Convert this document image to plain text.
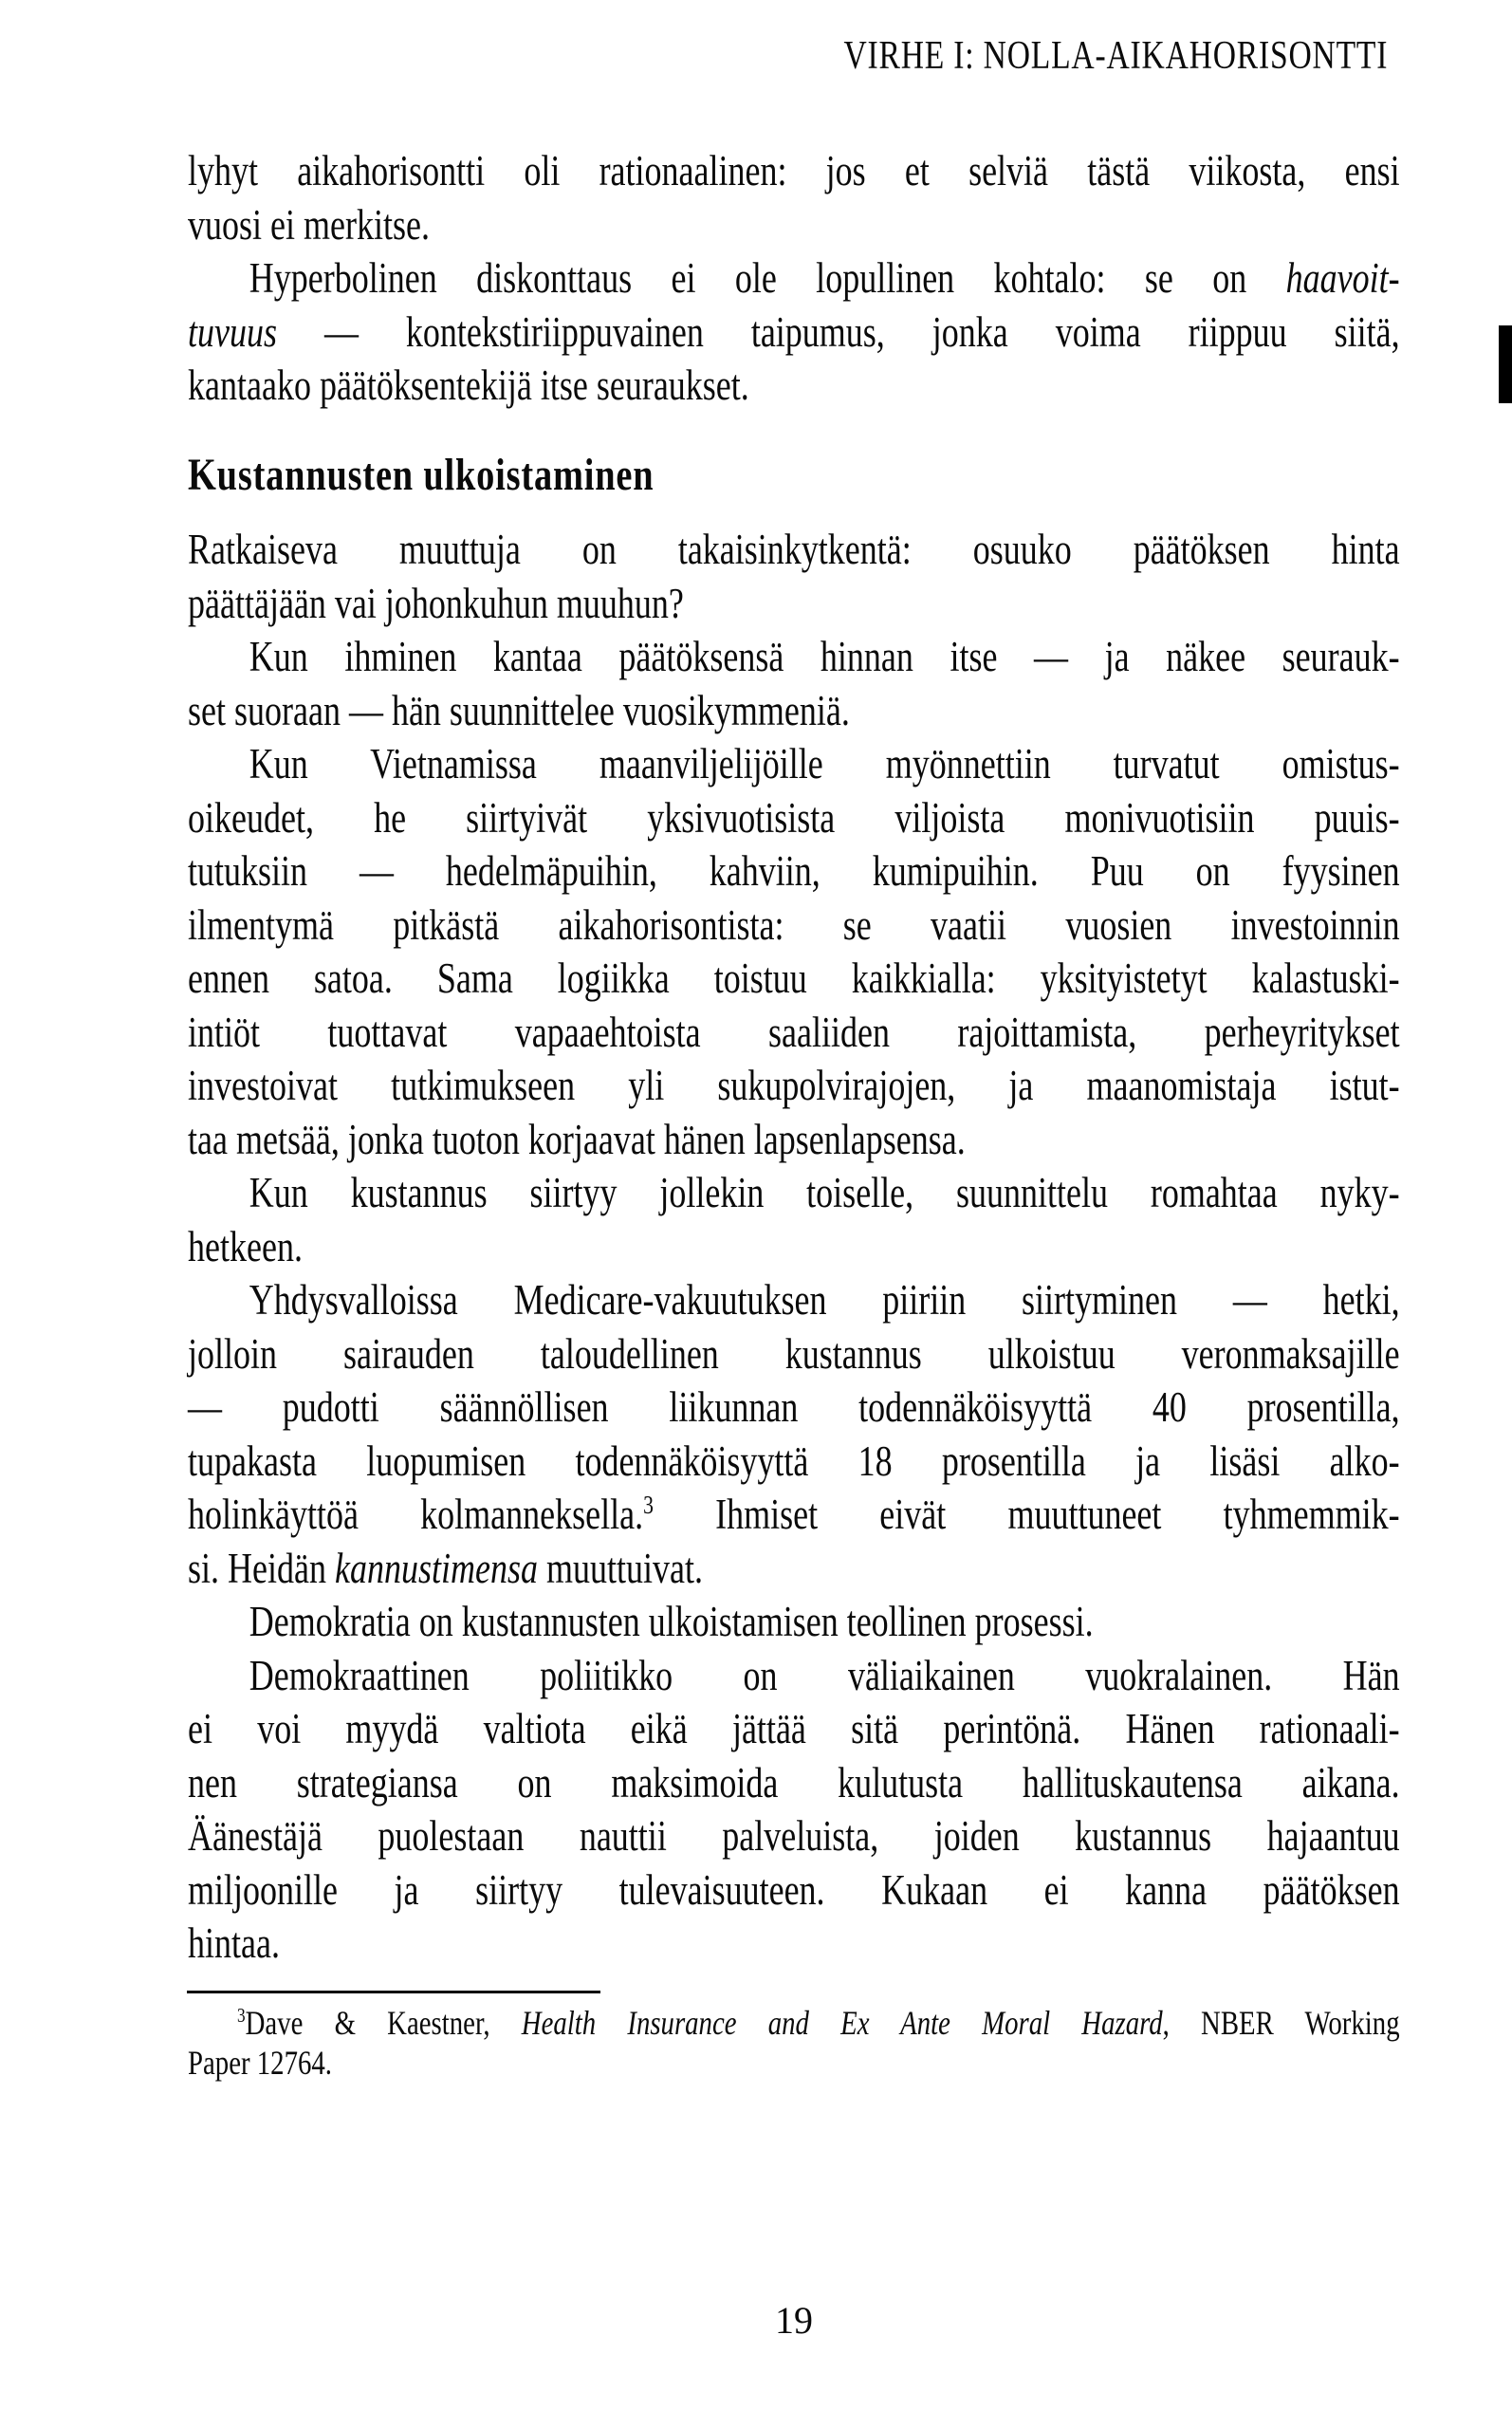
VIRHE I: NOLLA-AIKAHORISONTTI
lyhyt aikahorisontti oli rationaalinen: jos et selviä tästä viikosta, ensi
vuosi ei merkitse.
Hyperbolinen diskonttaus ei ole lopullinen kohtalo: se on haavoit-
tuvuus — kontekstiriippuvainen taipumus, jonka voima riippuu siitä,
kantaako päätöksentekijä itse seuraukset.
Kustannusten ulkoistaminen
Ratkaiseva muuttuja on takaisinkytkentä: osuuko päätöksen hinta
päättäjään vai johonkuhun muuhun?
Kun ihminen kantaa päätöksensä hinnan itse — ja näkee seurauk-
set suoraan — hän suunnittelee vuosikymmeniä.
Kun Vietnamissa maanviljelijöille myönnettiin turvatut omistus-
oikeudet, he siirtyivät yksivuotisista viljoista monivuotisiin puuis-
tutuksiin — hedelmäpuihin, kahviin, kumipuihin. Puu on fyysinen
ilmentymä pitkästä aikahorisontista: se vaatii vuosien investoinnin
ennen satoa. Sama logiikka toistuu kaikkialla: yksityistetyt kalastuski-
intiöt tuottavat vapaaehtoista saaliiden rajoittamista, perheyritykset
investoivat tutkimukseen yli sukupolvirajojen, ja maanomistaja istut-
taa metsää, jonka tuoton korjaavat hänen lapsenlapsensa.
Kun kustannus siirtyy jollekin toiselle, suunnittelu romahtaa nyky-
hetkeen.
Yhdysvalloissa Medicare-vakuutuksen piiriin siirtyminen — hetki,
jolloin sairauden taloudellinen kustannus ulkoistuu veronmaksajille
— pudotti säännöllisen liikunnan todennäköisyyttä 40 prosentilla,
tupakasta luopumisen todennäköisyyttä 18 prosentilla ja lisäsi alko-
holinkäyttöä kolmanneksella.$^3$ Ihmiset eivät muuttuneet tyhmemmik-
si. Heidän kannustimensa muuttuivat.
Demokratia on kustannusten ulkoistamisen teollinen prosessi.
Demokraattinen poliitikko on väliaikainen vuokralainen. Hän
ei voi myydä valtiota eikä jättää sitä perintönä. Hänen rationaali-
nen strategiansa on maksimoida kulutusta hallituskautensa aikana.
Äänestäjä puolestaan nauttii palveluista, joiden kustannus hajaantuu
miljoonille ja siirtyy tulevaisuuteen. Kukaan ei kanna päätöksen
hintaa.
$^3$Dave & Kaestner, Health Insurance and Ex Ante Moral Hazard, NBER Working
Paper 12764.
19
